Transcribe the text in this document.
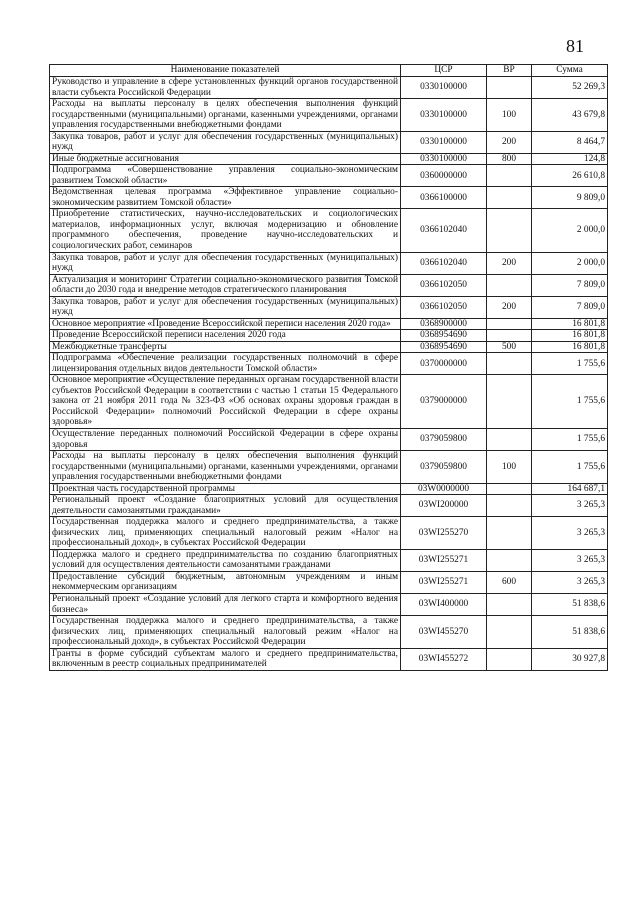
81
Наименование показателей	ЦСР	ВР	Сумма
Руководство и управление в сфере установленных функций органов государственной власти субъекта Российской Федерации	0330100000		52 269,3
Расходы на выплаты персоналу в целях обеспечения выполнения функций государственными (муниципальными) органами, казенными учреждениями, органами управления государственными внебюджетными фондами	0330100000	100	43 679,8
Закупка товаров, работ и услуг для обеспечения государственных (муниципальных) нужд	0330100000	200	8 464,7
Иные бюджетные ассигнования	0330100000	800	124,8
Подпрограмма «Совершенствование управления социально-экономическим развитием Томской области»	0360000000		26 610,8
Ведомственная целевая программа «Эффективное управление социально-экономическим развитием Томской области»	0366100000		9 809,0
Приобретение статистических, научно-исследовательских и социологических материалов, информационных услуг, включая модернизацию и обновление программного обеспечения, проведение научно-исследовательских и социологических работ, семинаров	0366102040		2 000,0
Закупка товаров, работ и услуг для обеспечения государственных (муниципальных) нужд	0366102040	200	2 000,0
Актуализация и мониторинг Стратегии социально-экономического развития Томской области до 2030 года и внедрение методов стратегического планирования	0366102050		7 809,0
Закупка товаров, работ и услуг для обеспечения государственных (муниципальных) нужд	0366102050	200	7 809,0
Основное мероприятие «Проведение Всероссийской переписи населения 2020 года»	0368900000		16 801,8
Проведение Всероссийской переписи населения 2020 года	0368954690		16 801,8
Межбюджетные трансферты	0368954690	500	16 801,8
Подпрограмма «Обеспечение реализации государственных полномочий в сфере лицензирования отдельных видов деятельности Томской области»	0370000000		1 755,6
Основное мероприятие «Осуществление переданных органам государственной власти субъектов Российской Федерации в соответствии с частью 1 статьи 15 Федерального закона от 21 ноября 2011 года № 323-ФЗ «Об основах охраны здоровья граждан в Российской Федерации» полномочий Российской Федерации в сфере охраны здоровья»	0379000000		1 755,6
Осуществление переданных полномочий Российской Федерации в сфере охраны здоровья	0379059800		1 755,6
Расходы на выплаты персоналу в целях обеспечения выполнения функций государственными (муниципальными) органами, казенными учреждениями, органами управления государственными внебюджетными фондами	0379059800	100	1 755,6
Проектная часть государственной программы	03W0000000		164 687,1
Региональный проект «Создание благоприятных условий для осуществления деятельности самозанятыми гражданами»	03WI200000		3 265,3
Государственная поддержка малого и среднего предпринимательства, а также физических лиц, применяющих специальный налоговый режим «Налог на профессиональный доход», в субъектах Российской Федерации	03WI255270		3 265,3
Поддержка малого и среднего предпринимательства по созданию благоприятных условий для осуществления деятельности самозанятыми гражданами	03WI255271		3 265,3
Предоставление субсидий бюджетным, автономным учреждениям и иным некоммерческим организациям	03WI255271	600	3 265,3
Региональный проект «Создание условий для легкого старта и комфортного ведения бизнеса»	03WI400000		51 838,6
Государственная поддержка малого и среднего предпринимательства, а также физических лиц, применяющих специальный налоговый режим «Налог на профессиональный доход», в субъектах Российской Федерации	03WI455270		51 838,6
Гранты в форме субсидий субъектам малого и среднего предпринимательства, включенным в реестр социальных предпринимателей	03WI455272		30 927,8
